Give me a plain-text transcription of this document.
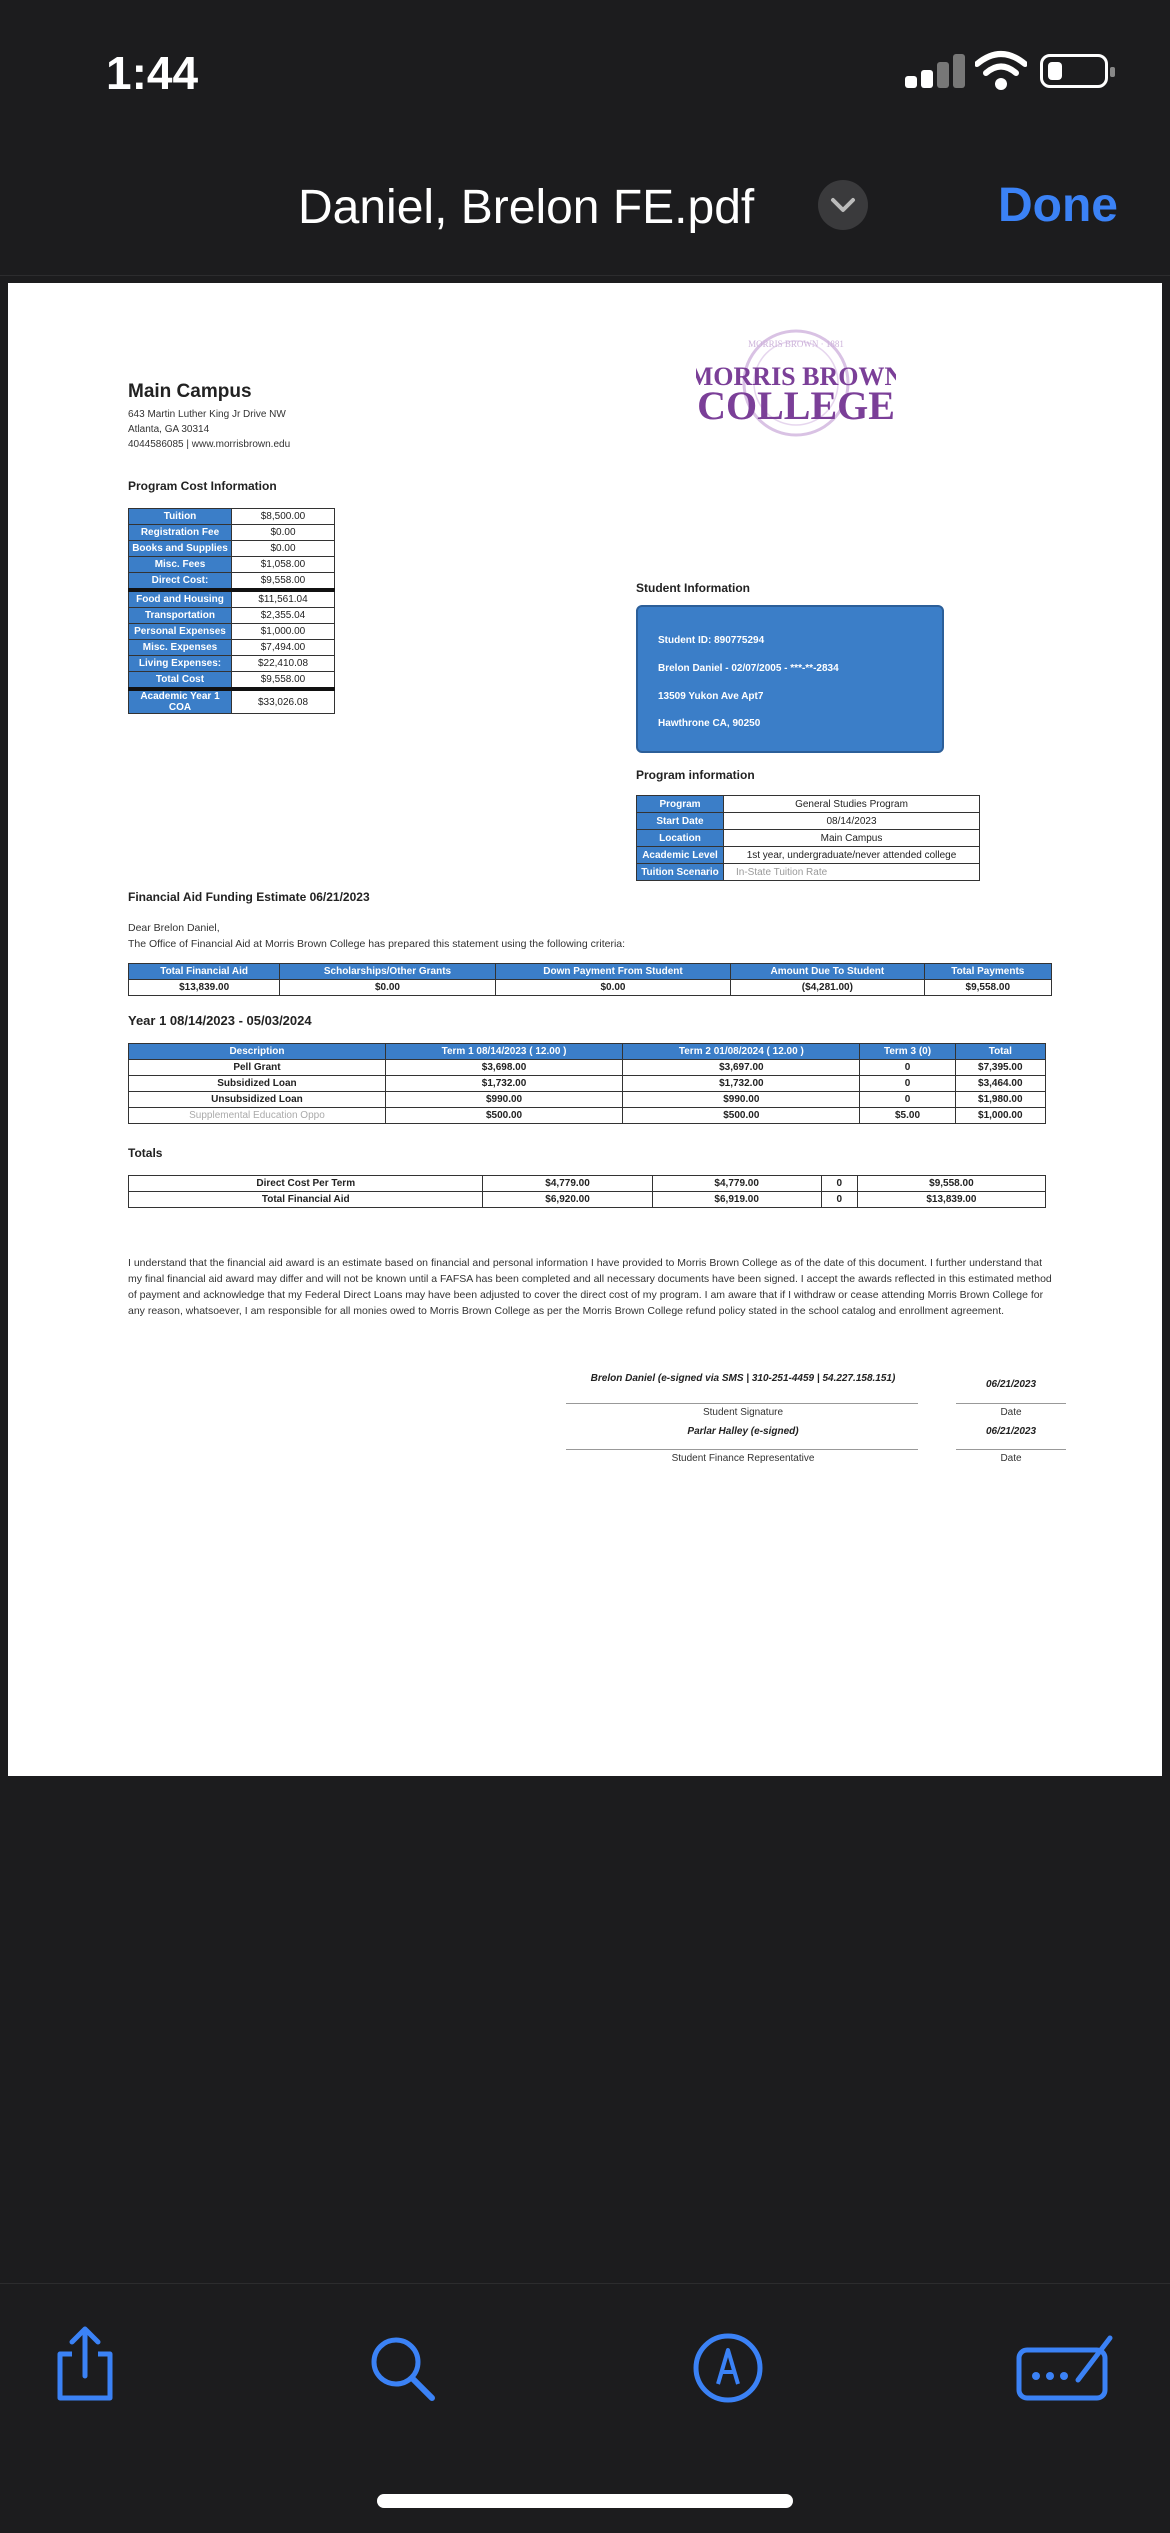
1:44
Daniel, Brelon FE.pdf	Done
Main Campus
643 Martin Luther King Jr Drive NW
Atlanta, GA 30314
4044586085 | www.morrisbrown.edu
MORRIS BROWN · 1881
MORRIS BROWN
COLLEGE
Program Cost Information
Tuition	$8,500.00
Registration Fee	$0.00
Books and Supplies	$0.00
Misc. Fees	$1,058.00
Direct Cost:	$9,558.00
Food and Housing	$11,561.04
Transportation	$2,355.04
Personal Expenses	$1,000.00
Misc. Expenses	$7,494.00
Living Expenses:	$22,410.08
Total Cost	$9,558.00
Academic Year 1 COA	$33,026.08
Student Information
Student ID: 890775294
Brelon Daniel - 02/07/2005 - ***-**-2834
13509 Yukon Ave Apt7
Hawthrone CA, 90250
Program information
Program	General Studies Program
Start Date	08/14/2023
Location	Main Campus
Academic Level	1st year, undergraduate/never attended college
Tuition Scenario	In-State Tuition Rate
Financial Aid Funding Estimate 06/21/2023
Dear Brelon Daniel,
The Office of Financial Aid at Morris Brown College has prepared this statement using the following criteria:
Total Financial Aid	Scholarships/Other Grants	Down Payment From Student	Amount Due To Student	Total Payments
$13,839.00	$0.00	$0.00	($4,281.00)	$9,558.00
Year 1 08/14/2023 - 05/03/2024
Description	Term 1 08/14/2023 ( 12.00 )	Term 2 01/08/2024 ( 12.00 )	Term 3 (0)	Total
Pell Grant	$3,698.00	$3,697.00	0	$7,395.00
Subsidized Loan	$1,732.00	$1,732.00	0	$3,464.00
Unsubsidized Loan	$990.00	$990.00	0	$1,980.00
Supplemental Education Oppo	$500.00	$500.00	$5.00	$1,000.00
Totals
Direct Cost Per Term	$4,779.00	$4,779.00	0	$9,558.00
Total Financial Aid	$6,920.00	$6,919.00	0	$13,839.00
I understand that the financial aid award is an estimate based on financial and personal information I have provided to Morris Brown College as of the date of this document. I further understand that my final financial aid award may differ and will not be known until a FAFSA has been completed and all necessary documents have been signed. I accept the awards reflected in this estimated method of payment and acknowledge that my Federal Direct Loans may have been adjusted to cover the direct cost of my program. I am aware that if I withdraw or cease attending Morris Brown College for any reason, whatsoever, I am responsible for all monies owed to Morris Brown College as per the Morris Brown College refund policy stated in the school catalog and enrollment agreement.
Brelon Daniel (e-signed via SMS | 310-251-4459 | 54.227.158.151)
06/21/2023
Student Signature	Date
Parlar Halley (e-signed)	06/21/2023
Student Finance Representative	Date
